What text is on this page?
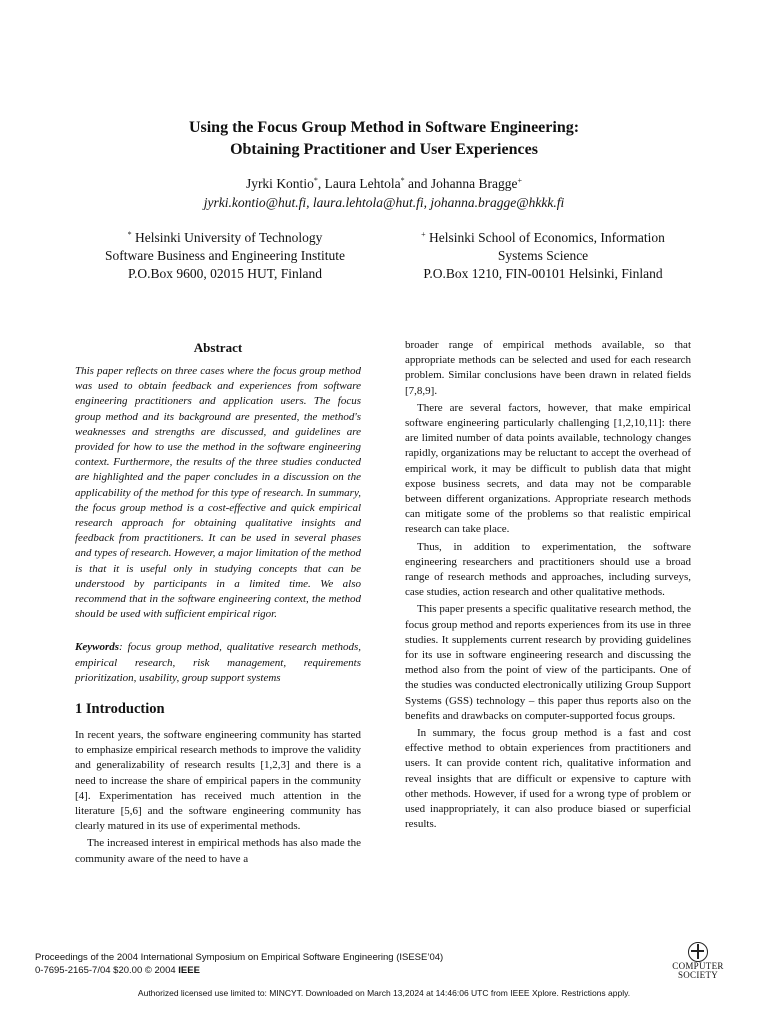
Using the Focus Group Method in Software Engineering:
Obtaining Practitioner and User Experiences
Jyrki Kontio*, Laura Lehtola* and Johanna Bragge+
jyrki.kontio@hut.fi, laura.lehtola@hut.fi, johanna.bragge@hkkk.fi
* Helsinki University of Technology
Software Business and Engineering Institute
P.O.Box 9600, 02015 HUT, Finland
+ Helsinki School of Economics, Information
Systems Science
P.O.Box 1210, FIN-00101 Helsinki, Finland
Abstract

This paper reflects on three cases where the focus group method was used to obtain feedback and experiences from software engineering practitioners and application users. The focus group method and its background are presented, the method's weaknesses and strengths are discussed, and guidelines are provided for how to use the method in the software engineering context. Furthermore, the results of the three studies conducted are highlighted and the paper concludes in a discussion on the applicability of the method for this type of research. In summary, the focus group method is a cost-effective and quick empirical research approach for obtaining qualitative insights and feedback from practitioners. It can be used in several phases and types of research. However, a major limitation of the method is that it is useful only in studying concepts that can be understood by participants in a limited time. We also recommend that in the software engineering context, the method should be used with sufficient empirical rigor.

Keywords: focus group method, qualitative research methods, empirical research, risk management, requirements prioritization, usability, group support systems

1 Introduction

In recent years, the software engineering community has started to emphasize empirical research methods to improve the validity and generalizability of research results [1,2,3] and there is a need to increase the share of empirical papers in the community [4]. Experimentation has received much attention in the literature [5,6] and the software engineering community has clearly matured in its use of experimental methods.

The increased interest in empirical methods has also made the community aware of the need to have a

broader range of empirical methods available, so that appropriate methods can be selected and used for each research problem. Similar conclusions have been drawn in related fields [7,8,9].

There are several factors, however, that make empirical software engineering particularly challenging [1,2,10,11]: there are limited number of data points available, technology changes rapidly, organizations may be reluctant to accept the overhead of empirical work, it may be difficult to publish data that might expose business secrets, and data may not be comparable between different organizations. Appropriate research methods can mitigate some of the problems so that realistic empirical research can take place.

Thus, in addition to experimentation, the software engineering researchers and practitioners should use a broad range of research methods and approaches, including surveys, case studies, action research and other qualitative methods.

This paper presents a specific qualitative research method, the focus group method and reports experiences from its use in three studies. It supplements current research by providing guidelines for its use in software engineering research and discussing the method also from the point of view of the participants. One of the studies was conducted electronically utilizing Group Support Systems (GSS) technology – this paper thus reports also on the benefits and drawbacks on computer-supported focus groups.

In summary, the focus group method is a fast and cost effective method to obtain experiences from practitioners and users. It can provide content rich, qualitative information and reveal insights that are difficult or expensive to capture with other methods. However, if used for a wrong type of problem or used inappropriately, it can also produce biased or superficial results.

Proceedings of the 2004 International Symposium on Empirical Software Engineering (ISESE’04)
0-7695-2165-7/04 $20.00 © 2004 IEEE	COMPUTER
SOCIETY
Authorized licensed use limited to: MINCYT. Downloaded on March 13,2024 at 14:46:06 UTC from IEEE Xplore. Restrictions apply.
